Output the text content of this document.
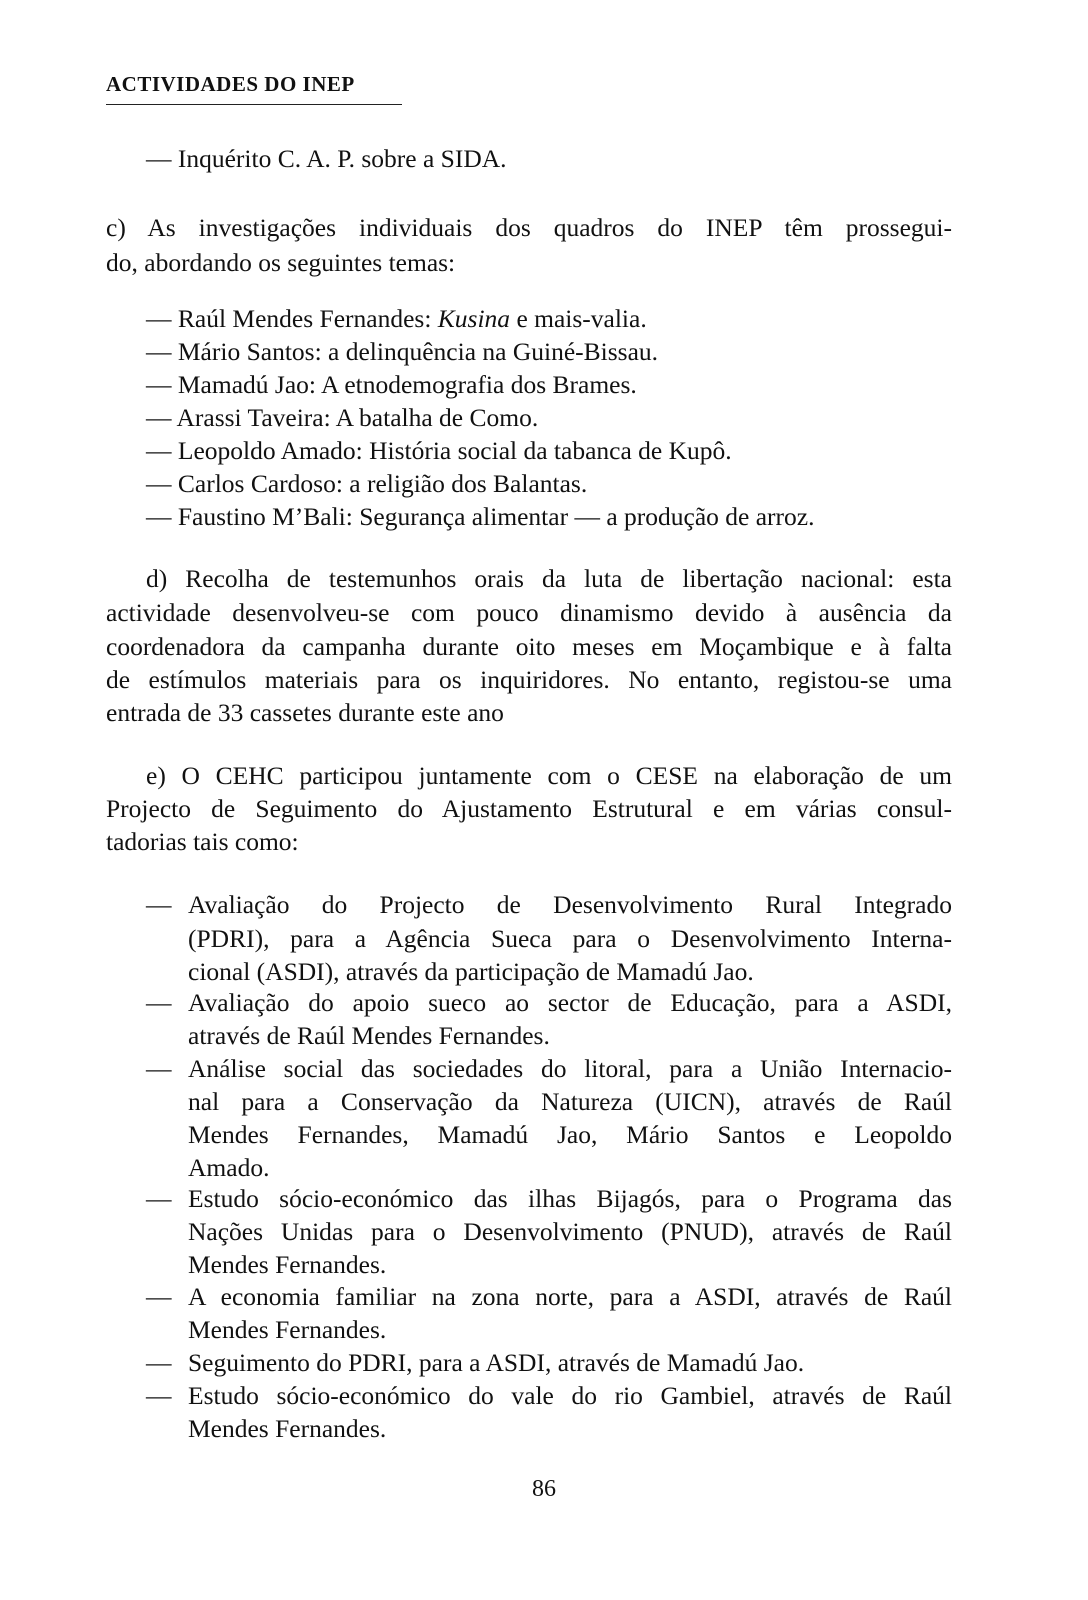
ACTIVIDADES DO INEP
— Inquérito C. A. P. sobre a SIDA.
c) As investigações individuais dos quadros do INEP têm prossegui-
do, abordando os seguintes temas:
— Raúl Mendes Fernandes: Kusina e mais-valia.
— Mário Santos: a delinquência na Guiné-Bissau.
— Mamadú Jao: A etnodemografia dos Brames.
— Arassi Taveira: A batalha de Como.
— Leopoldo Amado: História social da tabanca de Kupô.
— Carlos Cardoso: a religião dos Balantas.
— Faustino M’Bali: Segurança alimentar — a produção de arroz.
d) Recolha de testemunhos orais da luta de libertação nacional: esta
actividade desenvolveu-se com pouco dinamismo devido à ausência da
coordenadora da campanha durante oito meses em Moçambique e à falta
de estímulos materiais para os inquiridores. No entanto, registou-se uma
entrada de 33 cassetes durante este ano
e) O CEHC participou juntamente com o CESE na elaboração de um
Projecto de Seguimento do Ajustamento Estrutural e em várias consul-
tadorias tais como:
— Avaliação do Projecto de Desenvolvimento Rural Integrado
(PDRI), para a Agência Sueca para o Desenvolvimento Interna-
cional (ASDI), através da participação de Mamadú Jao.
— Avaliação do apoio sueco ao sector de Educação, para a ASDI,
através de Raúl Mendes Fernandes.
— Análise social das sociedades do litoral, para a União Internacio-
nal para a Conservação da Natureza (UICN), através de Raúl
Mendes Fernandes, Mamadú Jao, Mário Santos e Leopoldo
Amado.
— Estudo sócio-económico das ilhas Bijagós, para o Programa das
Nações Unidas para o Desenvolvimento (PNUD), através de Raúl
Mendes Fernandes.
— A economia familiar na zona norte, para a ASDI, através de Raúl
Mendes Fernandes.
— Seguimento do PDRI, para a ASDI, através de Mamadú Jao.
— Estudo sócio-económico do vale do rio Gambiel, através de Raúl
Mendes Fernandes.
86
